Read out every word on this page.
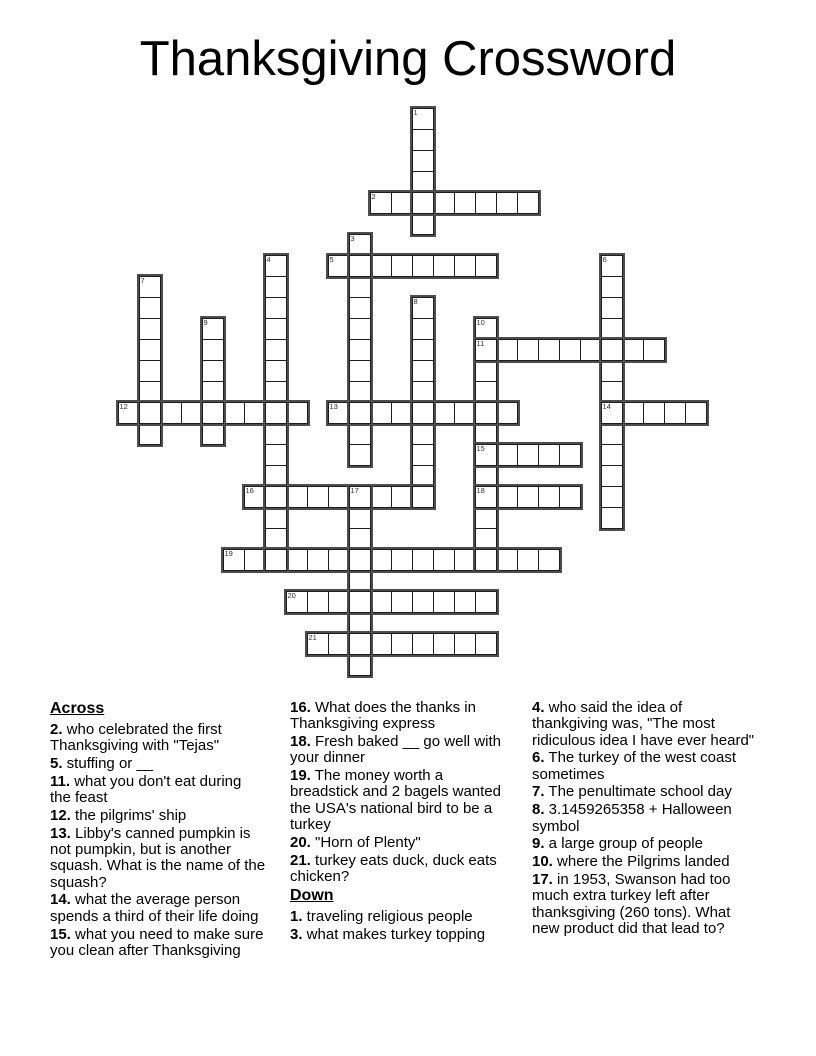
Thanksgiving Crossword
1
2
3
4	5	6
7
8
9	10
11
12	13	14
15
16	17	18
19
20
21
Across
2. who celebrated the first
Thanksgiving with "Tejas"
5. stuffing or __
11. what you don't eat during
the feast
12. the pilgrims' ship
13. Libby's canned pumpkin is
not pumpkin, but is another
squash. What is the name of the
squash?
14. what the average person
spends a third of their life doing
15. what you need to make sure
you clean after Thanksgiving
16. What does the thanks in
Thanksgiving express
18. Fresh baked __ go well with
your dinner
19. The money worth a
breadstick and 2 bagels wanted
the USA's national bird to be a
turkey
20. "Horn of Plenty"
21. turkey eats duck, duck eats
chicken?
Down
1. traveling religious people
3. what makes turkey topping
4. who said the idea of
thankgiving was, "The most
ridiculous idea I have ever heard"
6. The turkey of the west coast
sometimes
7. The penultimate school day
8. 3.1459265358 + Halloween
symbol
9. a large group of people
10. where the Pilgrims landed
17. in 1953, Swanson had too
much extra turkey left after
thanksgiving (260 tons). What
new product did that lead to?
